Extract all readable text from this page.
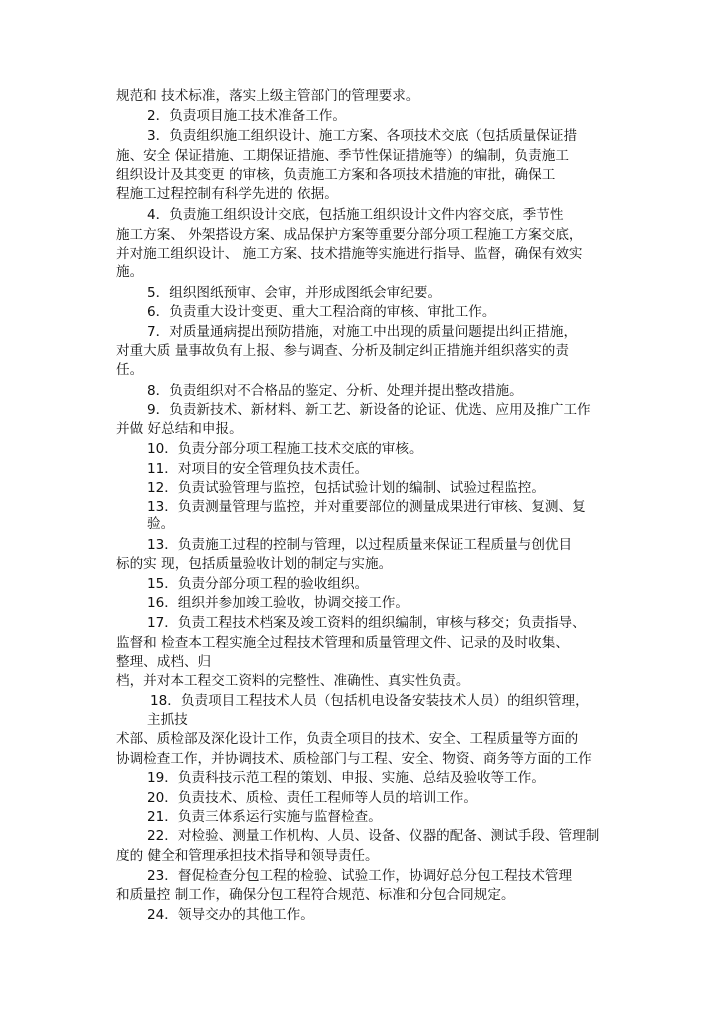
规范和 技术标准，落实上级主管部门的管理要求。
2．负责项目施工技术准备工作。
3．负责组织施工组织设计、施工方案、各项技术交底（包括质量保证措
施、安全 保证措施、工期保证措施、季节性保证措施等）的编制，负责施工
组织设计及其变更 的审核，负责施工方案和各项技术措施的审批，确保工
程施工过程控制有科学先进的 依据。
4．负责施工组织设计交底，包括施工组织设计文件内容交底，季节性
施工方案、 外架搭设方案、成品保护方案等重要分部分项工程施工方案交底，
并对施工组织设计、 施工方案、技术措施等实施进行指导、监督，确保有效实
施。
5．组织图纸预审、会审，并形成图纸会审纪要。
6．负责重大设计变更、重大工程洽商的审核、审批工作。
7．对质量通病提出预防措施，对施工中出现的质量问题提出纠正措施，
对重大质 量事故负有上报、参与调查、分析及制定纠正措施并组织落实的责
任。
8．负责组织对不合格品的鉴定、分析、处理并提出整改措施。
9．负责新技术、新材料、新工艺、新设备的论证、优选、应用及推广工作
并做 好总结和申报。
10．负责分部分项工程施工技术交底的审核。
11．对项目的安全管理负技术责任。
12．负责试验管理与监控，包括试验计划的编制、试验过程监控。
13．负责测量管理与监控，并对重要部位的测量成果进行审核、复测、复
验。
13．负责施工过程的控制与管理，以过程质量来保证工程质量与创优目
标的实 现，包括质量验收计划的制定与实施。
15．负责分部分项工程的验收组织。
16．组织并参加竣工验收，协调交接工作。
17．负责工程技术档案及竣工资料的组织编制，审核与移交；负责指导、
监督和 检查本工程实施全过程技术管理和质量管理文件、记录的及时收集、
整理、成档、归
档，并对本工程交工资料的完整性、准确性、真实性负责。
18．负责项目工程技术人员（包括机电设备安装技术人员）的组织管理，
主抓技
术部、质检部及深化设计工作，负责全项目的技术、安全、工程质量等方面的
协调检查工作，并协调技术、质检部门与工程、安全、物资、商务等方面的工作
19．负责科技示范工程的策划、申报、实施、总结及验收等工作。
20．负责技术、质检、责任工程师等人员的培训工作。
21．负责三体系运行实施与监督检查。
22．对检验、测量工作机构、人员、设备、仪器的配备、测试手段、管理制
度的 健全和管理承担技术指导和领导责任。
23．督促检查分包工程的检验、试验工作，协调好总分包工程技术管理
和质量控 制工作，确保分包工程符合规范、标准和分包合同规定。
24．领导交办的其他工作。
